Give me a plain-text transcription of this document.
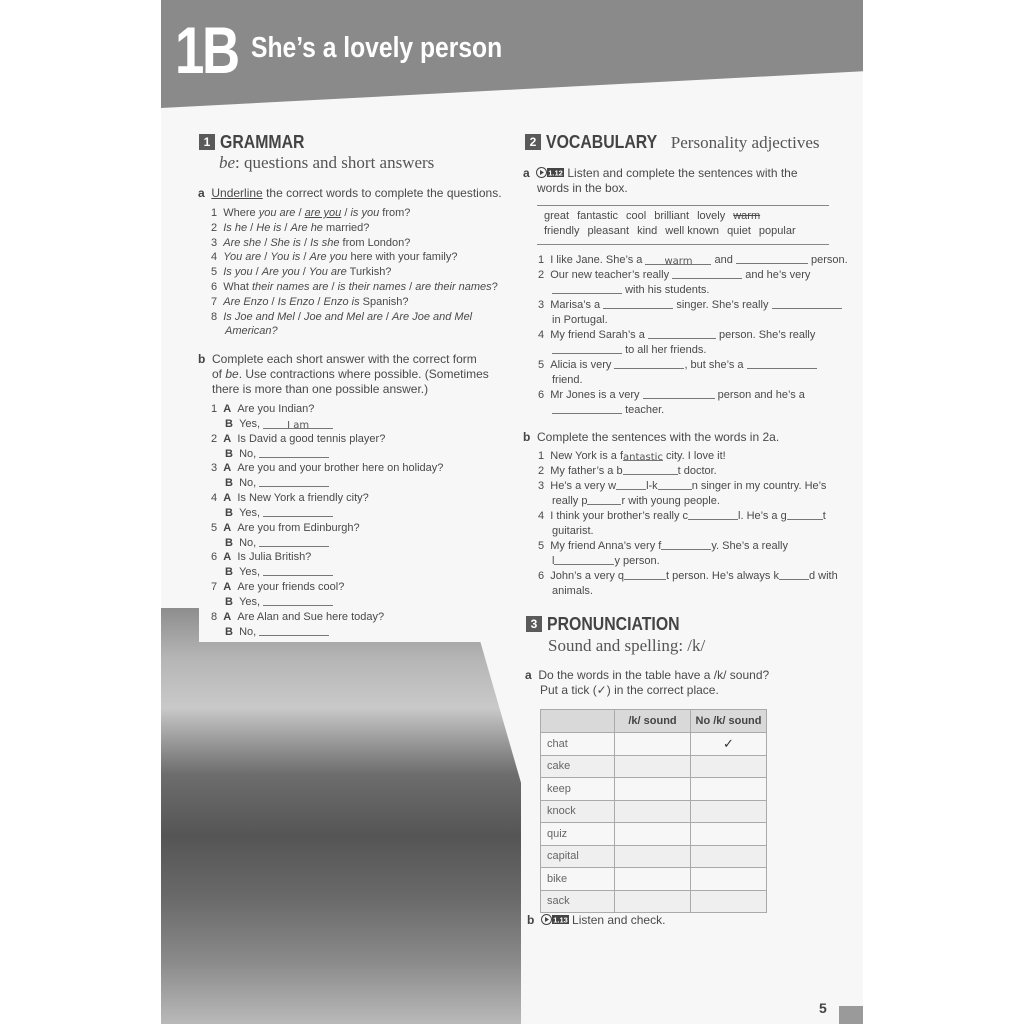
1B She’s a lovely person
1 GRAMMAR
be: questions and short answers
a Underline the correct words to complete the questions.
1 Where you are / are you / is you from?
2 Is he / He is / Are he married?
3 Are she / She is / Is she from London?
4 You are / You is / Are you here with your family?
5 Is you / Are you / You are Turkish?
6 What their names are / is their names / are their names?
7 Are Enzo / Is Enzo / Enzo is Spanish?
8 Is Joe and Mel / Joe and Mel are / Are Joe and Mel
American?
b Complete each short answer with the correct form
of be. Use contractions where possible. (Sometimes
there is more than one possible answer.)
1 A Are you Indian?
B Yes,	I am
2 A Is David a good tennis player?
B No,
3 A Are you and your brother here on holiday?
B No,
4 A Is New York a friendly city?
B Yes,
5 A Are you from Edinburgh?
B No,
6 A Is Julia British?
B Yes,
7 A Are your friends cool?
B Yes,
8 A Are Alan and Sue here today?
B No,
2 VOCABULARY Personality adjectives
a	1.12 Listen and complete the sentences with the
words in the box.
great fantastic cool brilliant lovely warm
friendly pleasant kind well known quiet popular
1 I like Jane. She’s a warm and	person.
2 Our new teacher’s really	and he’s very
with his students.
3 Marisa’s a	singer. She’s really
in Portugal.
4 My friend Sarah’s a	person. She’s really
to all her friends.
5 Alicia is very	, but she’s a
friend.
6 Mr Jones is a very	person and he’s a
teacher.
b Complete the sentences with the words in 2a.
1 New York is a fantastic city. I love it!
2 My father’s a b	t doctor.
3 He’s a very w	l-k	n singer in my country. He’s
really p	r with young people.
4 I think your brother’s really c	l. He’s a g	t
guitarist.
5 My friend Anna’s very f	y. She’s a really
l	y person.
6 John’s a very q	t person. He’s always k	d with
animals.
3 PRONUNCIATION
Sound and spelling: /k/
a Do the words in the table have a /k/ sound?
Put a tick (✓) in the correct place.
	/k/ sound	No /k/ sound
chat		✓
cake		
keep		
knock		
quiz		
capital		
bike		
sack		
b	1.13 Listen and check.
5
